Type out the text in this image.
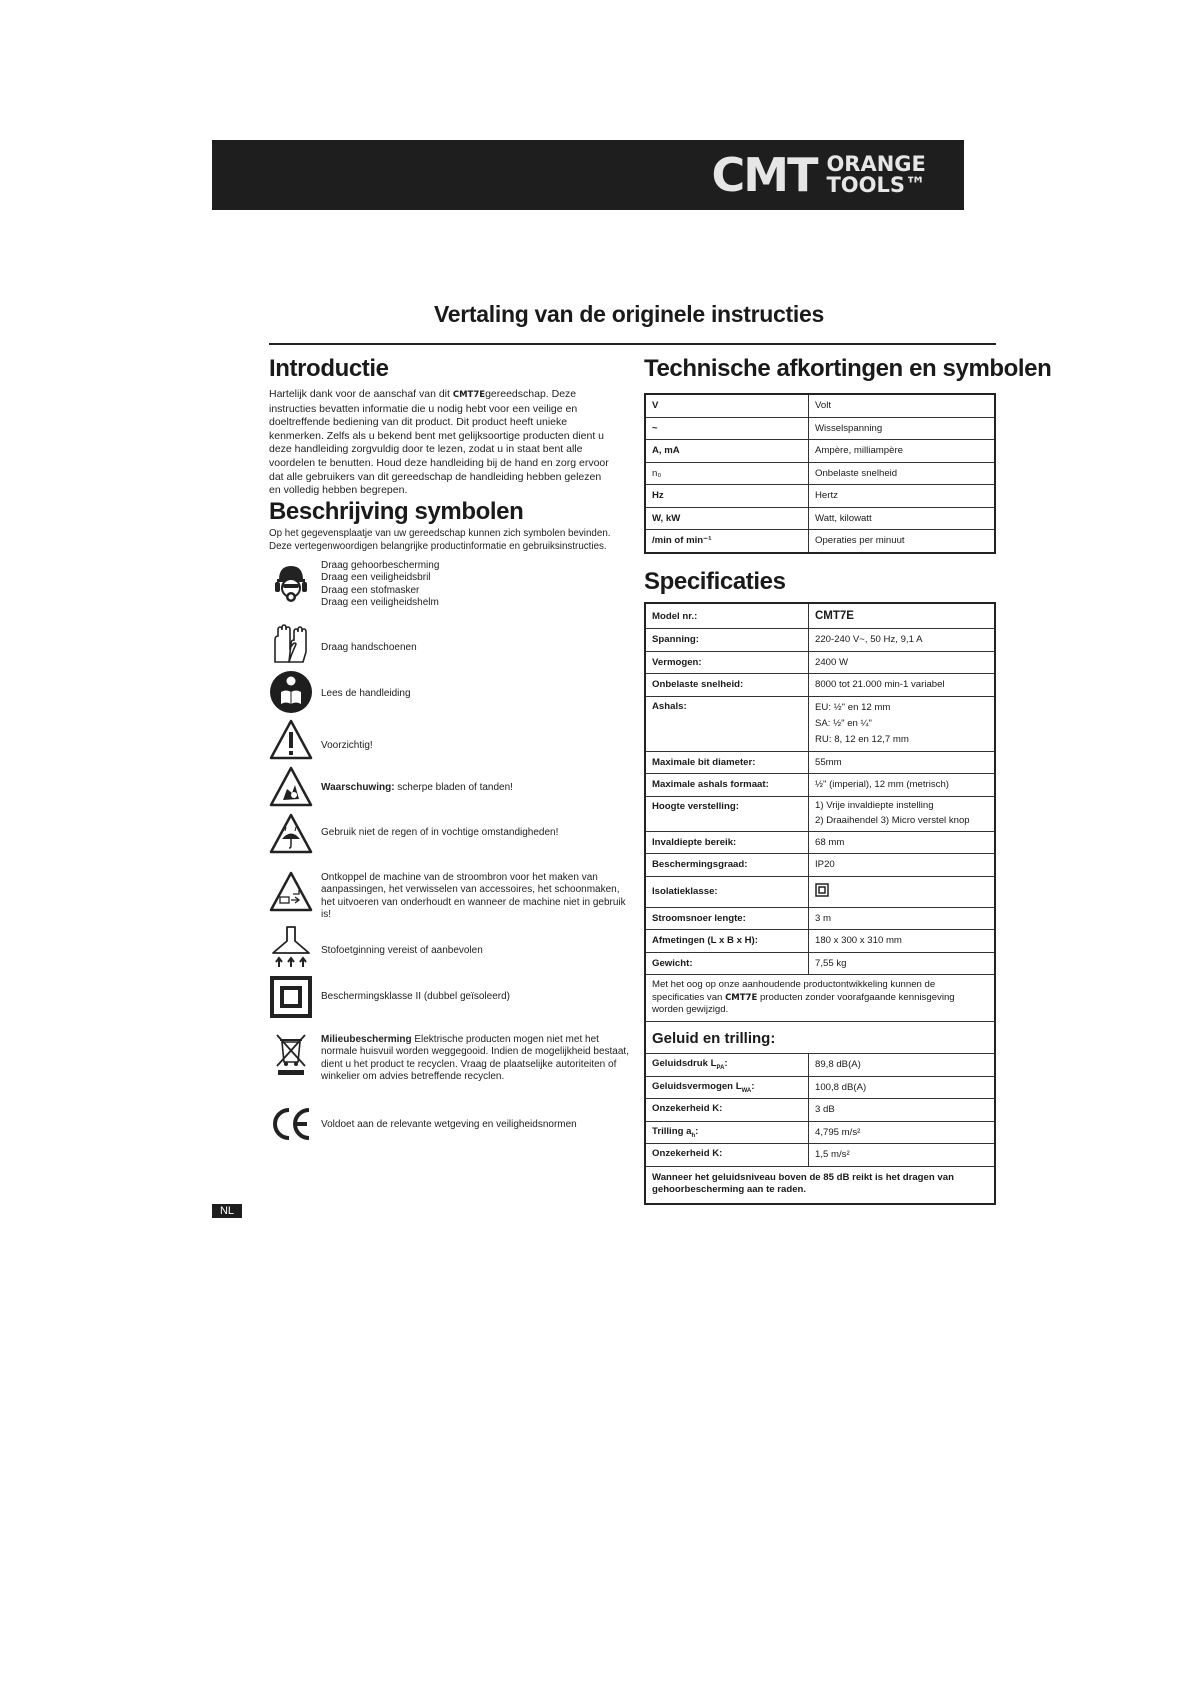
CMT ORANGE
TOOLS™
Vertaling van de originele instructies
Introductie
Hartelijk dank voor de aanschaf van dit CMT7Egereedschap. Deze instructies bevatten informatie die u nodig hebt voor een veilige en doeltreffende bediening van dit product. Dit product heeft unieke kenmerken. Zelfs als u bekend bent met gelijksoortige producten dient u deze handleiding zorgvuldig door te lezen, zodat u in staat bent alle voordelen te benutten. Houd deze handleiding bij de hand en zorg ervoor dat alle gebruikers van dit gereedschap de handleiding hebben gelezen en volledig hebben begrepen.
Beschrijving symbolen
Op het gegevensplaatje van uw gereedschap kunnen zich symbolen bevinden. Deze vertegenwoordigen belangrijke productinformatie en gebruiksinstructies.
Draag gehoorbescherming
Draag een veiligheidsbril
Draag een stofmasker
Draag een veiligheidshelm
Draag handschoenen
Lees de handleiding
Voorzichtig!
Waarschuwing: scherpe bladen of tanden!
Gebruik niet de regen of in vochtige omstandigheden!
Ontkoppel de machine van de stroombron voor het maken van aanpassingen, het verwisselen van accessoires, het schoonmaken, het uitvoeren van onderhoudt en wanneer de machine niet in gebruik is!
Stofoetginning vereist of aanbevolen
Beschermingsklasse II (dubbel geïsoleerd)
Milieubescherming Elektrische producten mogen niet met het normale huisvuil worden weggegooid. Indien de mogelijkheid bestaat, dient u het product te recyclen. Vraag de plaatselijke autoriteiten of winkelier om advies betreffende recyclen.
Voldoet aan de relevante wetgeving en veiligheidsnormen
Technische afkortingen en symbolen
V	Volt
~	Wisselspanning
A, mA	Ampère, milliampère
n₀	Onbelaste snelheid
Hz	Hertz
W, kW	Watt, kilowatt
/min of min⁻¹	Operaties per minuut
Specificaties
Model nr.:	CMT7E
Spanning:	220-240 V~, 50 Hz, 9,1 A
Vermogen:	2400 W
Onbelaste snelheid:	8000 tot 21.000 min-1 variabel
Ashals:	EU: ½" en 12 mm
SA: ½" en ¼"
RU: 8, 12 en 12,7 mm
Maximale bit diameter:	55mm
Maximale ashals formaat:	½" (imperial), 12 mm (metrisch)
Hoogte verstelling:	1) Vrije invaldiepte instelling
2) Draaihendel 3) Micro verstel knop
Invaldiepte bereik:	68 mm
Beschermingsgraad:	IP20
Isolatieklasse:	
Stroomsnoer lengte:	3 m
Afmetingen (L x B x H):	180 x 300 x 310 mm
Gewicht:	7,55 kg
Met het oog op onze aanhoudende productontwikkeling kunnen de specificaties van CMT7E producten zonder voorafgaande kennisgeving worden gewijzigd.	
Geluid en trilling:	
Geluidsdruk $L_{PA}$:	89,8 dB(A)
Geluidsvermogen $L_{WA}$:	100,8 dB(A)
Onzekerheid K:	3 dB
Trilling $a_h$:	4,795 m/s²
Onzekerheid K:	1,5 m/s²
Wanneer het geluidsniveau boven de 85 dB reikt is het dragen van gehoorbescherming aan te raden.	
NL
